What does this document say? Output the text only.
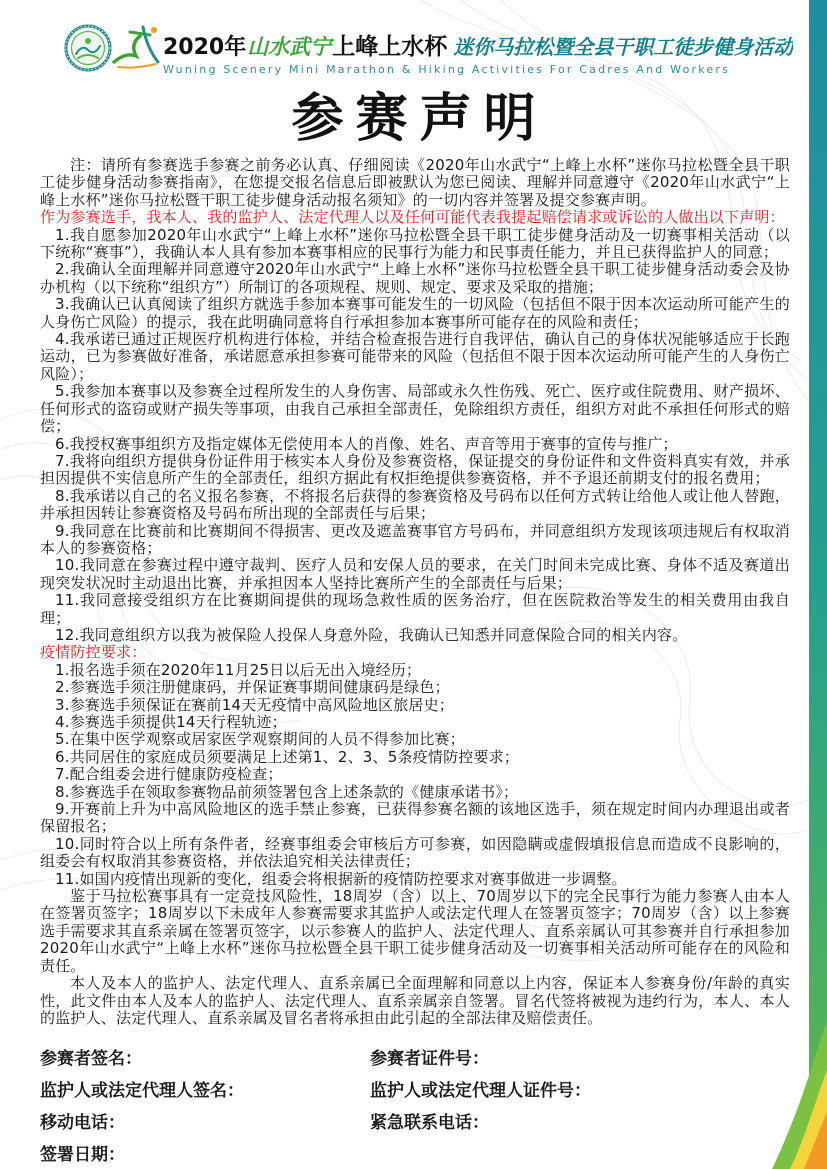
2020年 山水武宁 上峰上水杯 迷你马拉松暨全县干职工徒步健身活动
Wuning Scenery Mini Marathon & Hiking Activities For Cadres And Workers
参赛声明

注：请所有参赛选手参赛之前务必认真、仔细阅读《2020年山水武宁“上峰上水杯”迷你马拉松暨全县干职工徒步健身活动参赛指南》，在您提交报名信息后即被默认为您已阅读、理解并同意遵守《2020年山水武宁“上峰上水杯”迷你马拉松暨干职工徒步健身活动报名须知》的一切内容并签署及提交参赛声明。

作为参赛选手，我本人、我的监护人、法定代理人以及任何可能代表我提起赔偿请求或诉讼的人做出以下声明：

1.我自愿参加2020年山水武宁“上峰上水杯”迷你马拉松暨全县干职工徒步健身活动及一切赛事相关活动（以下统称“赛事”），我确认本人具有参加本赛事相应的民事行为能力和民事责任能力，并且已获得监护人的同意；

2.我确认全面理解并同意遵守2020年山水武宁“上峰上水杯”迷你马拉松暨全县干职工徒步健身活动委会及协办机构（以下统称“组织方”）所制订的各项规程、规则、规定、要求及采取的措施；

3.我确认已认真阅读了组织方就选手参加本赛事可能发生的一切风险（包括但不限于因本次运动所可能产生的人身伤亡风险）的提示，我在此明确同意将自行承担参加本赛事所可能存在的风险和责任；

4.我承诺已通过正规医疗机构进行体检，并结合检查报告进行自我评估，确认自己的身体状况能够适应于长跑运动，已为参赛做好准备，承诺愿意承担参赛可能带来的风险（包括但不限于因本次运动所可能产生的人身伤亡风险）；

5.我参加本赛事以及参赛全过程所发生的人身伤害、局部或永久性伤残、死亡、医疗或住院费用、财产损坏、任何形式的盗窃或财产损失等事项，由我自己承担全部责任，免除组织方责任，组织方对此不承担任何形式的赔偿；

6.我授权赛事组织方及指定媒体无偿使用本人的肖像、姓名、声音等用于赛事的宣传与推广；

7.我将向组织方提供身份证件用于核实本人身份及参赛资格，保证提交的身份证件和文件资料真实有效，并承担因提供不实信息所产生的全部责任，组织方据此有权拒绝提供参赛资格，并不予退还前期支付的报名费用；

8.我承诺以自己的名义报名参赛，不将报名后获得的参赛资格及号码布以任何方式转让给他人或让他人替跑，并承担因转让参赛资格及号码布所出现的全部责任与后果；

9.我同意在比赛前和比赛期间不得损害、更改及遮盖赛事官方号码布，并同意组织方发现该项违规后有权取消本人的参赛资格；

10.我同意在参赛过程中遵守裁判、医疗人员和安保人员的要求，在关门时间未完成比赛、身体不适及赛道出现突发状况时主动退出比赛，并承担因本人坚持比赛所产生的全部责任与后果；

11.我同意接受组织方在比赛期间提供的现场急救性质的医务治疗，但在医院救治等发生的相关费用由我自理；

12.我同意组织方以我为被保险人投保人身意外险，我确认已知悉并同意保险合同的相关内容。

疫情防控要求：

1.报名选手须在2020年11月25日以后无出入境经历；

2.参赛选手须注册健康码，并保证赛事期间健康码是绿色；

3.参赛选手须保证在赛前14天无疫情中高风险地区旅居史；

4.参赛选手须提供14天行程轨迹；

5.在集中医学观察或居家医学观察期间的人员不得参加比赛；

6.共同居住的家庭成员须要满足上述第1、2、3、5条疫情防控要求；

7.配合组委会进行健康防疫检查；

8.参赛选手在领取参赛物品前须签署包含上述条款的《健康承诺书》；

9.开赛前上升为中高风险地区的选手禁止参赛，已获得参赛名额的该地区选手，须在规定时间内办理退出或者保留报名；

10.同时符合以上所有条件者，经赛事组委会审核后方可参赛，如因隐瞒或虚假填报信息而造成不良影响的，组委会有权取消其参赛资格，并依法追究相关法律责任；

11.如国内疫情出现新的变化，组委会将根据新的疫情防控要求对赛事做进一步调整。

鉴于马拉松赛事具有一定竞技风险性，18周岁（含）以上、70周岁以下的完全民事行为能力参赛人由本人在签署页签字；18周岁以下未成年人参赛需要求其监护人或法定代理人在签署页签字；70周岁（含）以上参赛选手需要求其直系亲属在签署页签字，以示参赛人的监护人、法定代理人、直系亲属认可其参赛并自行承担参加2020年山水武宁“上峰上水杯”迷你马拉松暨全县干职工徒步健身活动及一切赛事相关活动所可能存在的风险和责任。

本人及本人的监护人、法定代理人、直系亲属已全面理解和同意以上内容，保证本人参赛身份/年龄的真实性，此文件由本人及本人的监护人、法定代理人、直系亲属亲自签署。冒名代签将被视为违约行为，本人、本人的监护人、法定代理人、直系亲属及冒名者将承担由此引起的全部法律及赔偿责任。

参赛者签名：	参赛者证件号：
监护人或法定代理人签名：	监护人或法定代理人证件号：
移动电话：	紧急联系电话：
签署日期：
